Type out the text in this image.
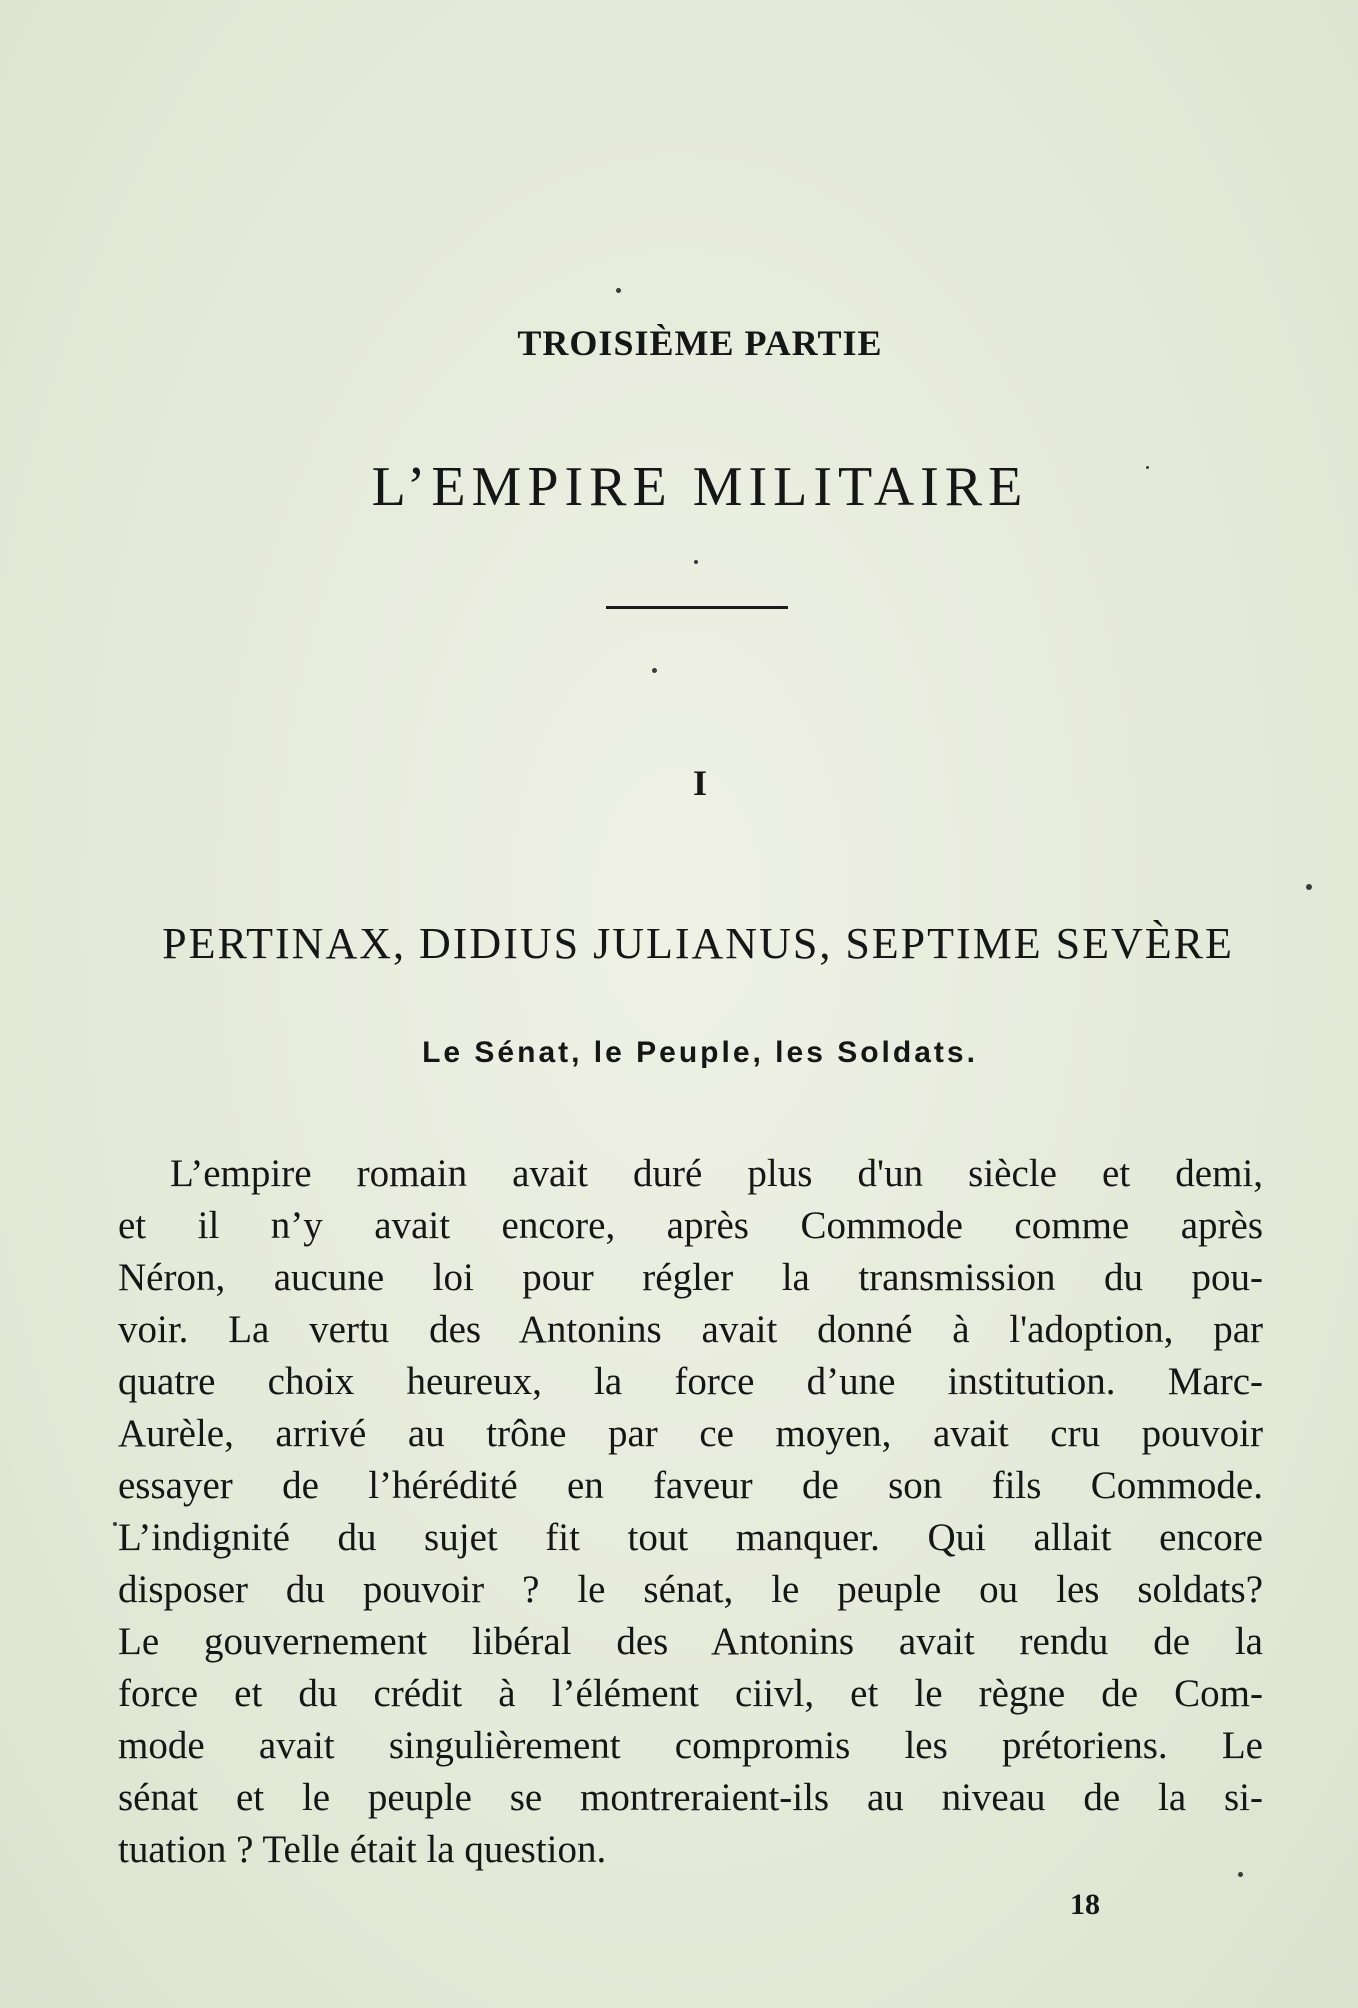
TROISIÈME PARTIE
L’EMPIRE MILITAIRE
I
PERTINAX, DIDIUS JULIANUS, SEPTIME SEVÈRE
Le Sénat, le Peuple, les Soldats.
L’empire romain avait duré plus d'un siècle et demi,
et il n’y avait encore, après Commode comme après
Néron, aucune loi pour régler la transmission du pou-
voir. La vertu des Antonins avait donné à l'adoption, par
quatre choix heureux, la force d’une institution. Marc-
Aurèle, arrivé au trône par ce moyen, avait cru pouvoir
essayer de l’hérédité en faveur de son fils Commode.
L’indignité du sujet fit tout manquer. Qui allait encore
disposer du pouvoir ? le sénat, le peuple ou les soldats?
Le gouvernement libéral des Antonins avait rendu de la
force et du crédit à l’élément ciivl, et le règne de Com-
mode avait singulièrement compromis les prétoriens. Le
sénat et le peuple se montreraient-ils au niveau de la si-
tuation ? Telle était la question.
18
